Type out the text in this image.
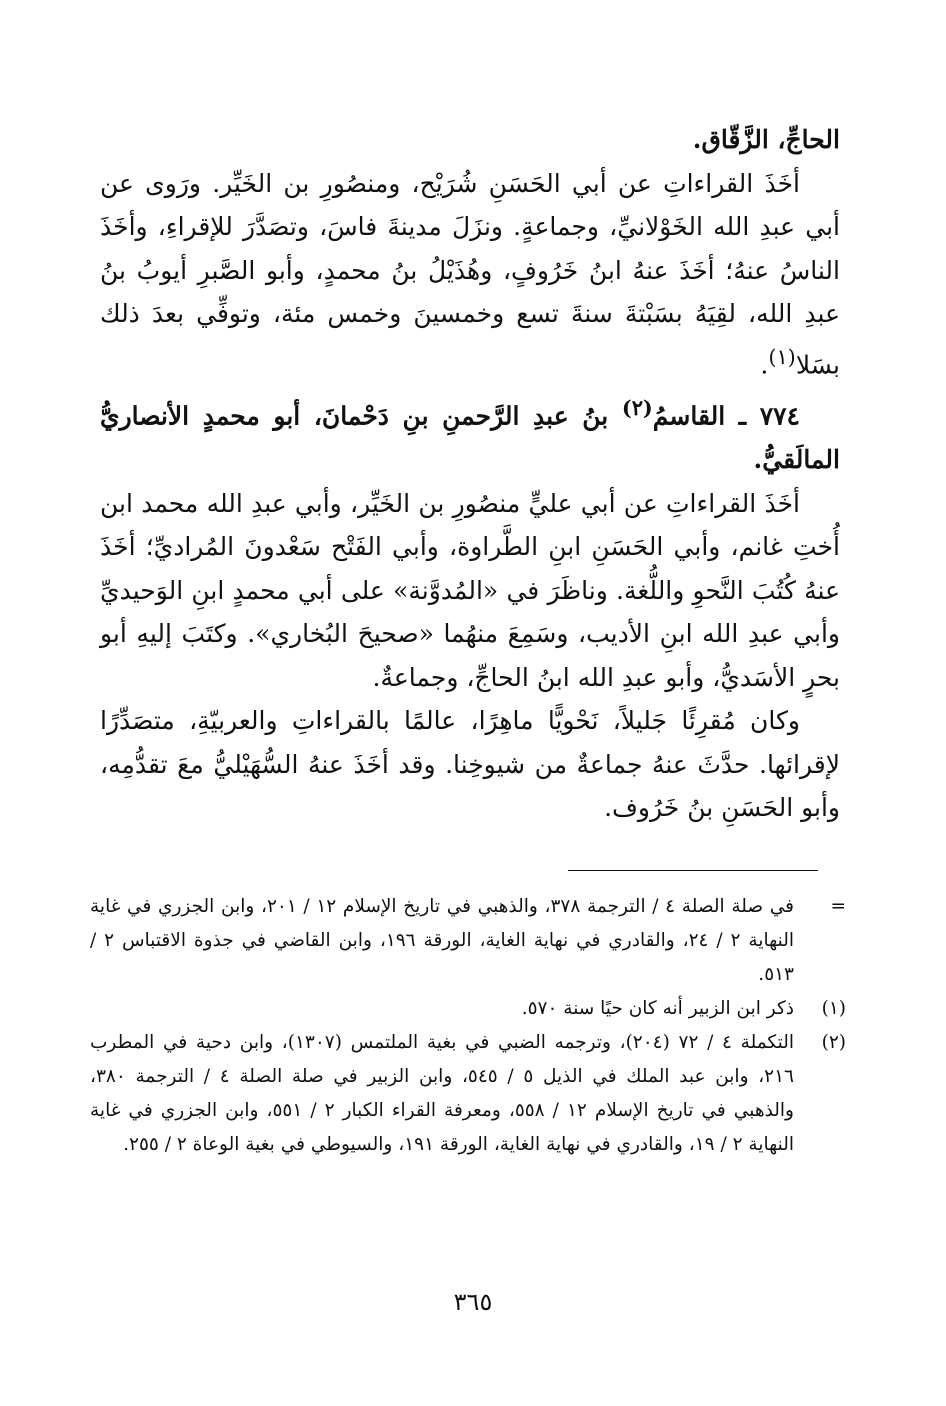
الحاجِّ، الزَّقّاق.

أخَذَ القراءاتِ عن أبي الحَسَنِ شُرَيْح، ومنصُورِ بن الخَيِّر. ورَوى عن أبي عبدِ الله الخَوْلانيِّ، وجماعةٍ. ونزَلَ مدينةَ فاسَ، وتصَدَّرَ للإقراءِ، وأخَذَ الناسُ عنهُ؛ أخَذَ عنهُ ابنُ خَرُوفٍ، وهُذَيْلُ بنُ محمدٍ، وأبو الصَّبرِ أيوبُ بنُ عبدِ الله، لقِيَهُ بسَبْتةَ سنةَ تسع وخمسينَ وخمس مئة، وتوفِّي بعدَ ذلك بسَلا$^{(١)}$.

٧٧٤ ـ القاسمُ$^{(٢)}$ بنُ عبدِ الرَّحمنِ بنِ دَحْمانَ، أبو محمدٍ الأنصاريُّ المالَقيُّ.

أخَذَ القراءاتِ عن أبي عليٍّ منصُورِ بن الخَيِّر، وأبي عبدِ الله محمد ابن أُختِ غانم، وأبي الحَسَنِ ابنِ الطَّراوة، وأبي الفَتْح سَعْدونَ المُراديِّ؛ أخَذَ عنهُ كُتُبَ النَّحوِ واللُّغة. وناظَرَ في «المُدوَّنة» على أبي محمدٍ ابنِ الوَحيديِّ وأبي عبدِ الله ابنِ الأديب، وسَمِعَ منهُما «صحيحَ البُخاري». وكتَبَ إليهِ أبو بحرٍ الأسَديُّ، وأبو عبدِ الله ابنُ الحاجِّ، وجماعةٌ.

وكان مُقرِئًا جَليلاً، نَحْويًّا ماهِرًا، عالمًا بالقراءاتِ والعربيّةِ، متصَدِّرًا لإقرائها. حدَّثَ عنهُ جماعةٌ من شيوخِنا. وقد أخَذَ عنهُ السُّهَيْليُّ معَ تقدُّمِه، وأبو الحَسَنِ بنُ خَرُوف.

=
في صلة الصلة ٤ / الترجمة ٣٧٨، والذهبي في تاريخ الإسلام ١٢ / ٢٠١، وابن الجزري في غاية النهاية ٢ / ٢٤، والقادري في نهاية الغاية، الورقة ١٩٦، وابن القاضي في جذوة الاقتباس ٢ / ٥١٣.
(١)
ذكر ابن الزبير أنه كان حيًا سنة ٥٧٠.
(٢)
التكملة ٤ / ٧٢ (٢٠٤)، وترجمه الضبي في بغية الملتمس (١٣٠٧)، وابن دحية في المطرب ٢١٦، وابن عبد الملك في الذيل ٥ / ٥٤٥، وابن الزبير في صلة الصلة ٤ / الترجمة ٣٨٠، والذهبي في تاريخ الإسلام ١٢ / ٥٥٨، ومعرفة القراء الكبار ٢ / ٥٥١، وابن الجزري في غاية النهاية ٢ / ١٩، والقادري في نهاية الغاية، الورقة ١٩١، والسيوطي في بغية الوعاة ٢ / ٢٥٥.
٣٦٥
